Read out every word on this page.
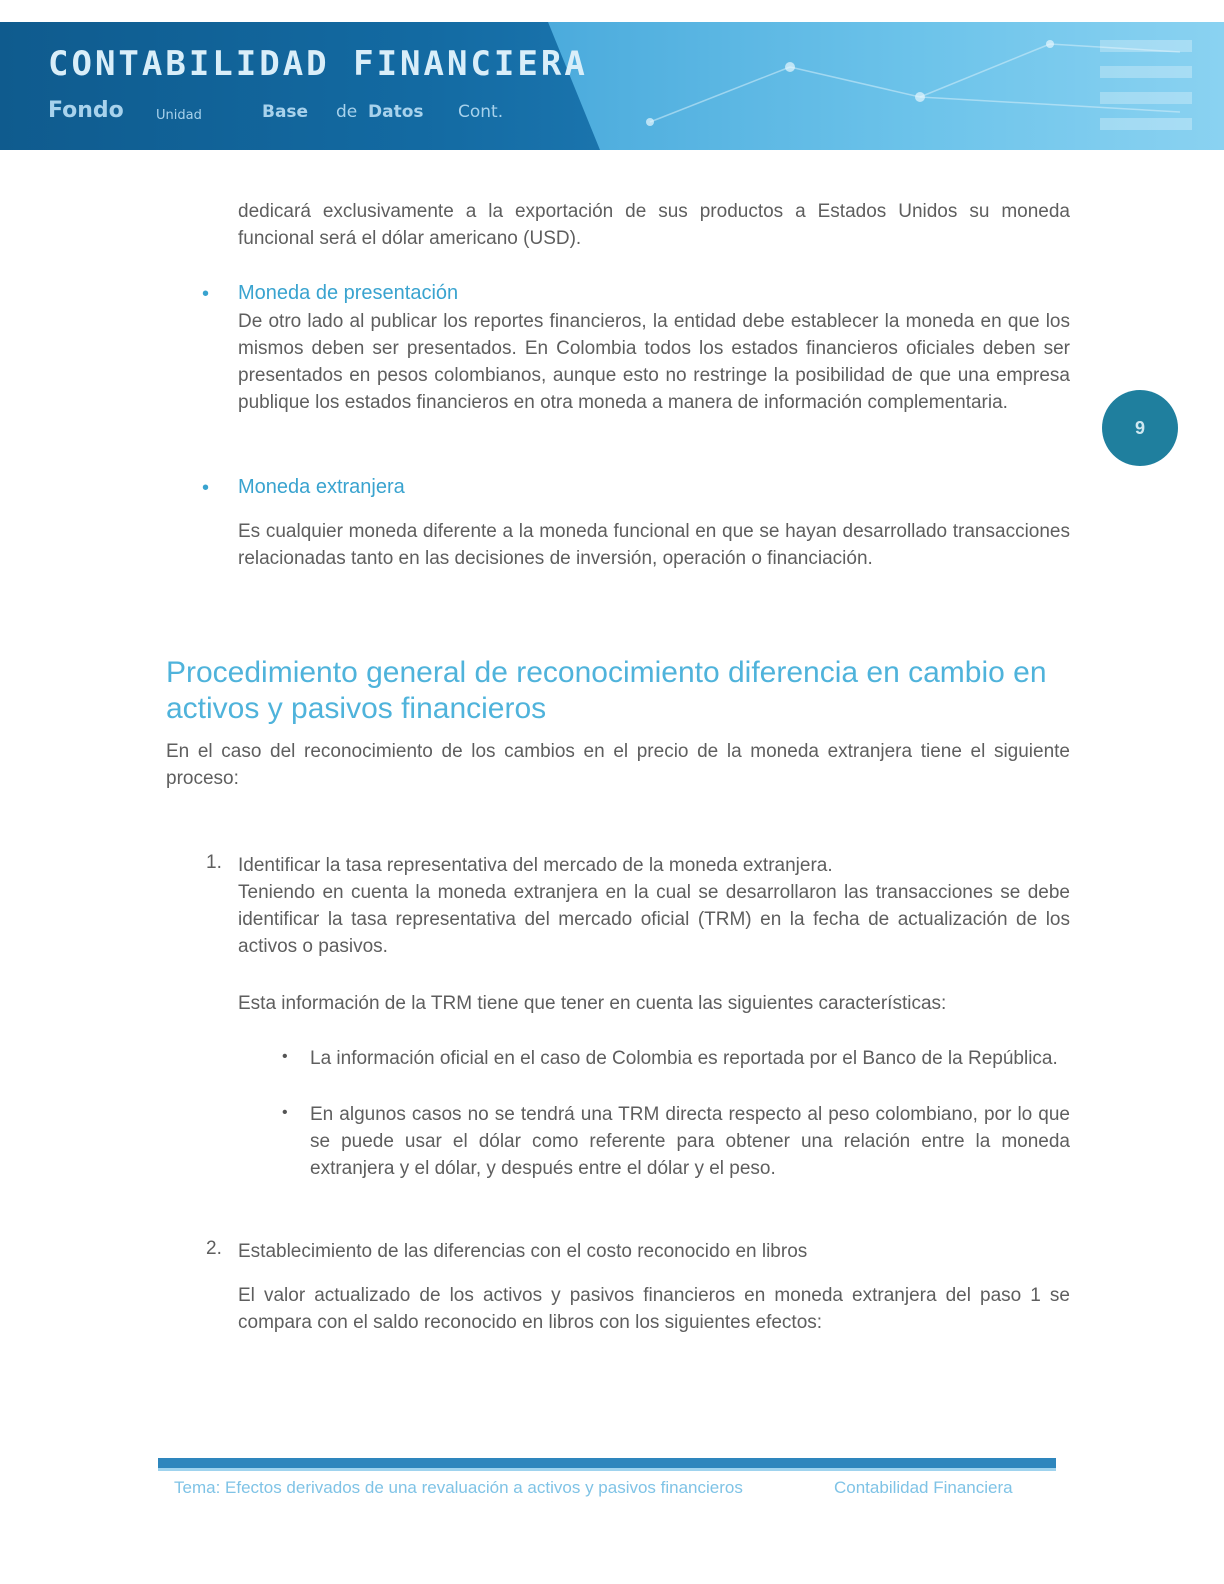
CONTABILIDAD FINANCIERA
Fondo Unidad	Base de Datos Cont.
9
dedicará exclusivamente a la exportación de sus productos a Estados Unidos su moneda funcional será el dólar americano (USD).
• Moneda de presentación
De otro lado al publicar los reportes financieros, la entidad debe establecer la moneda en que los mismos deben ser presentados. En Colombia todos los estados financieros oficiales deben ser presentados en pesos colombianos, aunque esto no restringe la posibilidad de que una empresa publique los estados financieros en otra moneda a manera de información complementaria.
• Moneda extranjera
Es cualquier moneda diferente a la moneda funcional en que se hayan desarrollado transacciones relacionadas tanto en las decisiones de inversión, operación o financiación.
Procedimiento general de reconocimiento diferencia en cambio en activos y pasivos financieros
En el caso del reconocimiento de los cambios en el precio de la moneda extranjera tiene el siguiente proceso:
1. Identificar la tasa representativa del mercado de la moneda extranjera.
Teniendo en cuenta la moneda extranjera en la cual se desarrollaron las transacciones se debe identificar la tasa representativa del mercado oficial (TRM) en la fecha de actualización de los activos o pasivos.
Esta información de la TRM tiene que tener en cuenta las siguientes características:
• La información oficial en el caso de Colombia es reportada por el Banco de la República.
• En algunos casos no se tendrá una TRM directa respecto al peso colombiano, por lo que se puede usar el dólar como referente para obtener una relación entre la moneda extranjera y el dólar, y después entre el dólar y el peso.
2. Establecimiento de las diferencias con el costo reconocido en libros
El valor actualizado de los activos y pasivos financieros en moneda extranjera del paso 1 se compara con el saldo reconocido en libros con los siguientes efectos:
Tema: Efectos derivados de una revaluación a activos y pasivos financieros	Contabilidad Financiera
